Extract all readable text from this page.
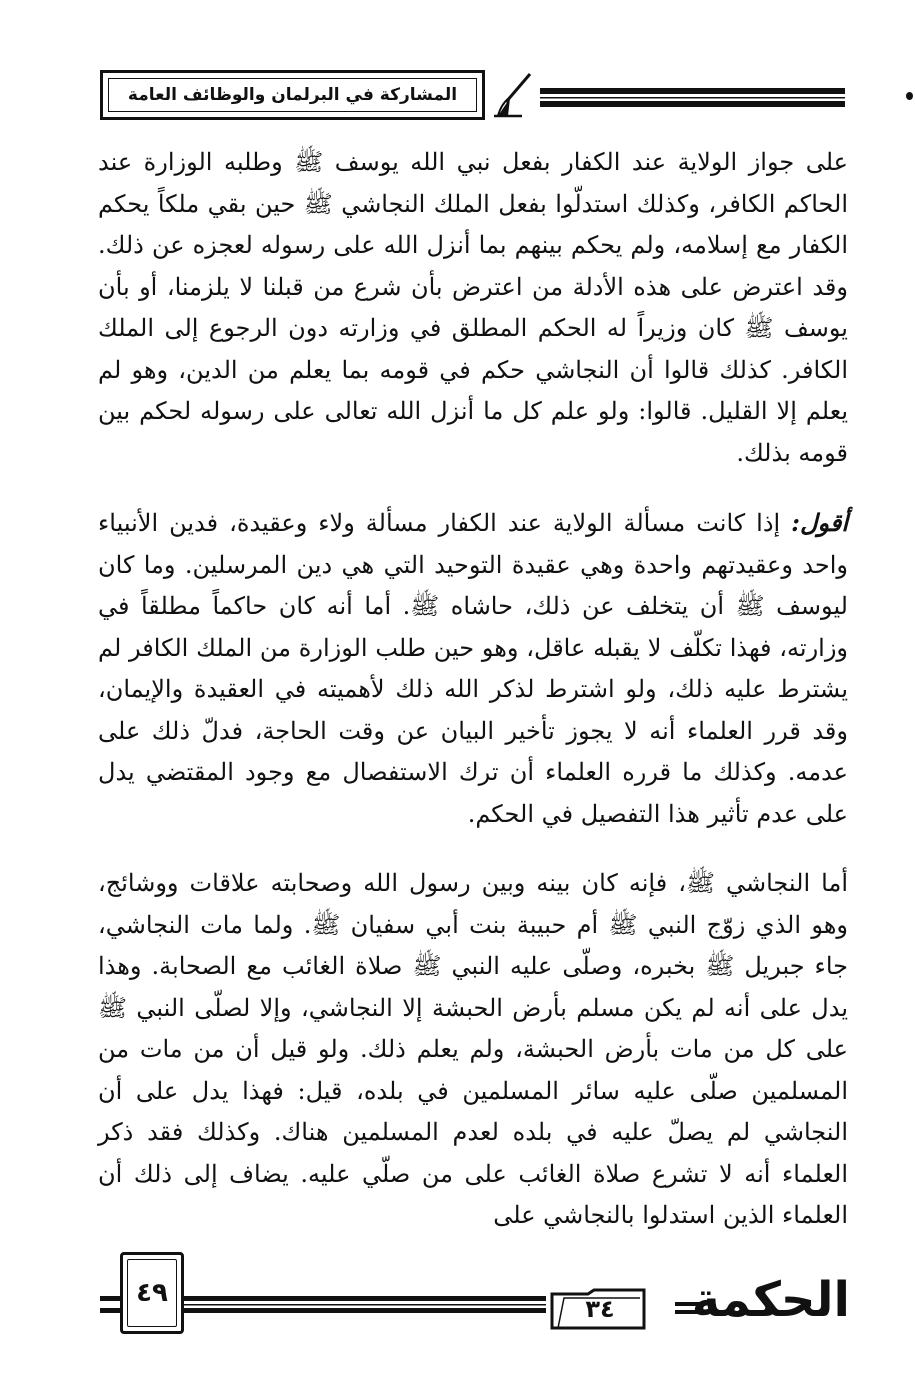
المشاركة في البرلمان والوظائف العامة

على جواز الولاية عند الكفار بفعل نبي الله يوسف ﷺ وطلبه الوزارة عند الحاكم الكافر، وكذلك استدلّوا بفعل الملك النجاشي ﷺ حين بقي ملكاً يحكم الكفار مع إسلامه، ولم يحكم بينهم بما أنزل الله على رسوله لعجزه عن ذلك. وقد اعترض على هذه الأدلة من اعترض بأن شرع من قبلنا لا يلزمنا، أو بأن يوسف ﷺ كان وزيراً له الحكم المطلق في وزارته دون الرجوع إلى الملك الكافر. كذلك قالوا أن النجاشي حكم في قومه بما يعلم من الدين، وهو لم يعلم إلا القليل. قالوا: ولو علم كل ما أنزل الله تعالى على رسوله لحكم بين قومه بذلك.

أقول: إذا كانت مسألة الولاية عند الكفار مسألة ولاء وعقيدة، فدين الأنبياء واحد وعقيدتهم واحدة وهي عقيدة التوحيد التي هي دين المرسلين. وما كان ليوسف ﷺ أن يتخلف عن ذلك، حاشاه ﷺ. أما أنه كان حاكماً مطلقاً في وزارته، فهذا تكلّف لا يقبله عاقل، وهو حين طلب الوزارة من الملك الكافر لم يشترط عليه ذلك، ولو اشترط لذكر الله ذلك لأهميته في العقيدة والإيمان، وقد قرر العلماء أنه لا يجوز تأخير البيان عن وقت الحاجة، فدلّ ذلك على عدمه. وكذلك ما قرره العلماء أن ترك الاستفصال مع وجود المقتضي يدل على عدم تأثير هذا التفصيل في الحكم.

أما النجاشي ﷺ، فإنه كان بينه وبين رسول الله وصحابته علاقات ووشائج، وهو الذي زوّج النبي ﷺ أم حبيبة بنت أبي سفيان ﷺ. ولما مات النجاشي، جاء جبريل ﷺ بخبره، وصلّى عليه النبي ﷺ صلاة الغائب مع الصحابة. وهذا يدل على أنه لم يكن مسلم بأرض الحبشة إلا النجاشي، وإلا لصلّى النبي ﷺ على كل من مات بأرض الحبشة، ولم يعلم ذلك. ولو قيل أن من مات من المسلمين صلّى عليه سائر المسلمين في بلده، قيل: فهذا يدل على أن النجاشي لم يصلّ عليه في بلده لعدم المسلمين هناك. وكذلك فقد ذكر العلماء أنه لا تشرع صلاة الغائب على من صلّي عليه. يضاف إلى ذلك أن العلماء الذين استدلوا بالنجاشي على

٤٩
٣٤	الحكمة
